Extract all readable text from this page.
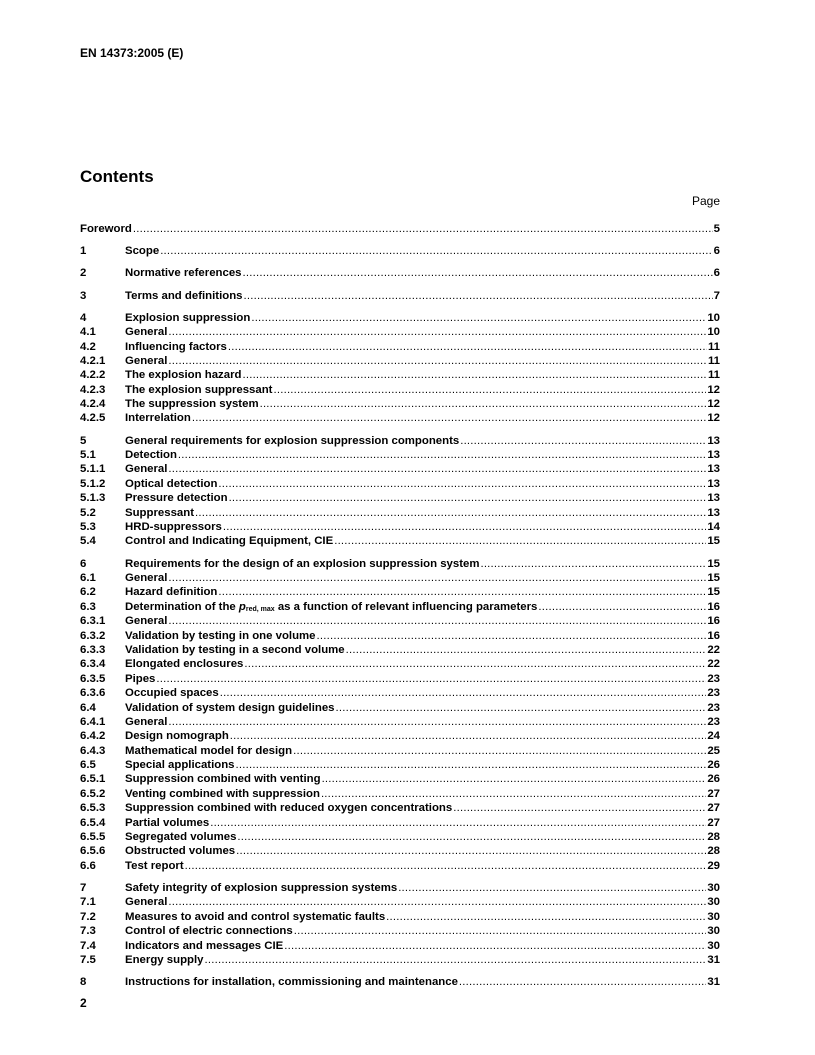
EN 14373:2005 (E)
Contents
Page
Foreword .....	5
1	Scope .....	6
2	Normative references .....	6
3	Terms and definitions .....	7
4	Explosion suppression .....	10
4.1	General .....	10
4.2	Influencing factors .....	11
4.2.1	General .....	11
4.2.2	The explosion hazard .....	11
4.2.3	The explosion suppressant .....	12
4.2.4	The suppression system .....	12
4.2.5	Interrelation .....	12
5	General requirements for explosion suppression components .....	13
5.1	Detection .....	13
5.1.1	General .....	13
5.1.2	Optical detection .....	13
5.1.3	Pressure detection .....	13
5.2	Suppressant .....	13
5.3	HRD-suppressors .....	14
5.4	Control and Indicating Equipment, CIE .....	15
6	Requirements for the design of an explosion suppression system .....	15
6.1	General .....	15
6.2	Hazard definition .....	15
6.3	Determination of the $p_{red, max}$ as a function of relevant influencing parameters .....	16
6.3.1	General .....	16
6.3.2	Validation by testing in one volume .....	16
6.3.3	Validation by testing in a second volume .....	22
6.3.4	Elongated enclosures .....	22
6.3.5	Pipes .....	23
6.3.6	Occupied spaces .....	23
6.4	Validation of system design guidelines .....	23
6.4.1	General .....	23
6.4.2	Design nomograph .....	24
6.4.3	Mathematical model for design .....	25
6.5	Special applications .....	26
6.5.1	Suppression combined with venting .....	26
6.5.2	Venting combined with suppression .....	27
6.5.3	Suppression combined with reduced oxygen concentrations .....	27
6.5.4	Partial volumes .....	27
6.5.5	Segregated volumes .....	28
6.5.6	Obstructed volumes .....	28
6.6	Test report .....	29
7	Safety integrity of explosion suppression systems .....	30
7.1	General .....	30
7.2	Measures to avoid and control systematic faults .....	30
7.3	Control of electric connections .....	30
7.4	Indicators and messages CIE .....	30
7.5	Energy supply .....	31
8	Instructions for installation, commissioning and maintenance .....	31
2
